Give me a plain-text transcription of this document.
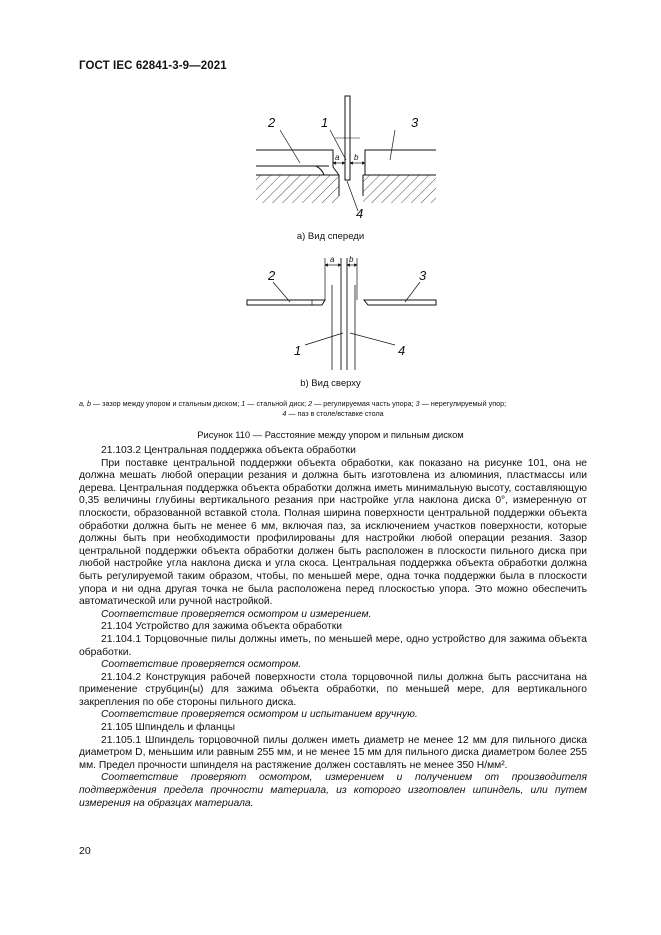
ГОСТ IEC 62841-3-9—2021
2	1	3
a b
4
a b
2	3
1	4
a) Вид спереди
b) Вид сверху
a, b — зазор между упором и стальным диском; 1 — стальной диск; 2 — регулируемая часть упора; 3 — нерегулируемый упор;
4 — паз в столе/вставке стола
Рисунок 110 — Расстояние между упором и пильным диском

21.103.2 Центральная поддержка объекта обработки

При поставке центральной поддержки объекта обработки, как показано на рисунке 101, она не должна мешать любой операции резания и должна быть изготовлена из алюминия, пластмассы или дерева. Центральная поддержка объекта обработки должна иметь минимальную высоту, составляющую 0,35 величины глубины вертикального резания при настройке угла наклона диска 0°, измеренную от плоскости, образованной вставкой стола. Полная ширина поверхности центральной поддержки объекта обработки должна быть не менее 6 мм, включая паз, за исключением участков поверхности, которые должны быть при необходимости профилированы для настройки любой операции резания. Зазор центральной поддержки объекта обработки должен быть расположен в плоскости пильного диска при любой настройке угла наклона диска и угла скоса. Центральная поддержка объекта обработки должна быть регулируемой таким образом, чтобы, по меньшей мере, одна точка поддержки была в плоскости упора и ни одна другая точка не была расположена перед плоскостью упора. Это можно обеспечить автоматической или ручной настройкой.

Соответствие проверяется осмотром и измерением.

21.104 Устройство для зажима объекта обработки

21.104.1 Торцовочные пилы должны иметь, по меньшей мере, одно устройство для зажима объекта обработки.

Соответствие проверяется осмотром.

21.104.2 Конструкция рабочей поверхности стола торцовочной пилы должна быть рассчитана на применение струбцин(ы) для зажима объекта обработки, по меньшей мере, для вертикального закрепления по обе стороны пильного диска.

Соответствие проверяется осмотром и испытанием вручную.

21.105 Шпиндель и фланцы

21.105.1 Шпиндель торцовочной пилы должен иметь диаметр не менее 12 мм для пильного диска диаметром D, меньшим или равным 255 мм, и не менее 15 мм для пильного диска диаметром более 255 мм. Предел прочности шпинделя на растяжение должен составлять не менее 350 Н/мм².

Соответствие проверяют осмотром, измерением и получением от производителя подтверждения предела прочности материала, из которого изготовлен шпиндель, или путем измерения на образцах материала.

20
